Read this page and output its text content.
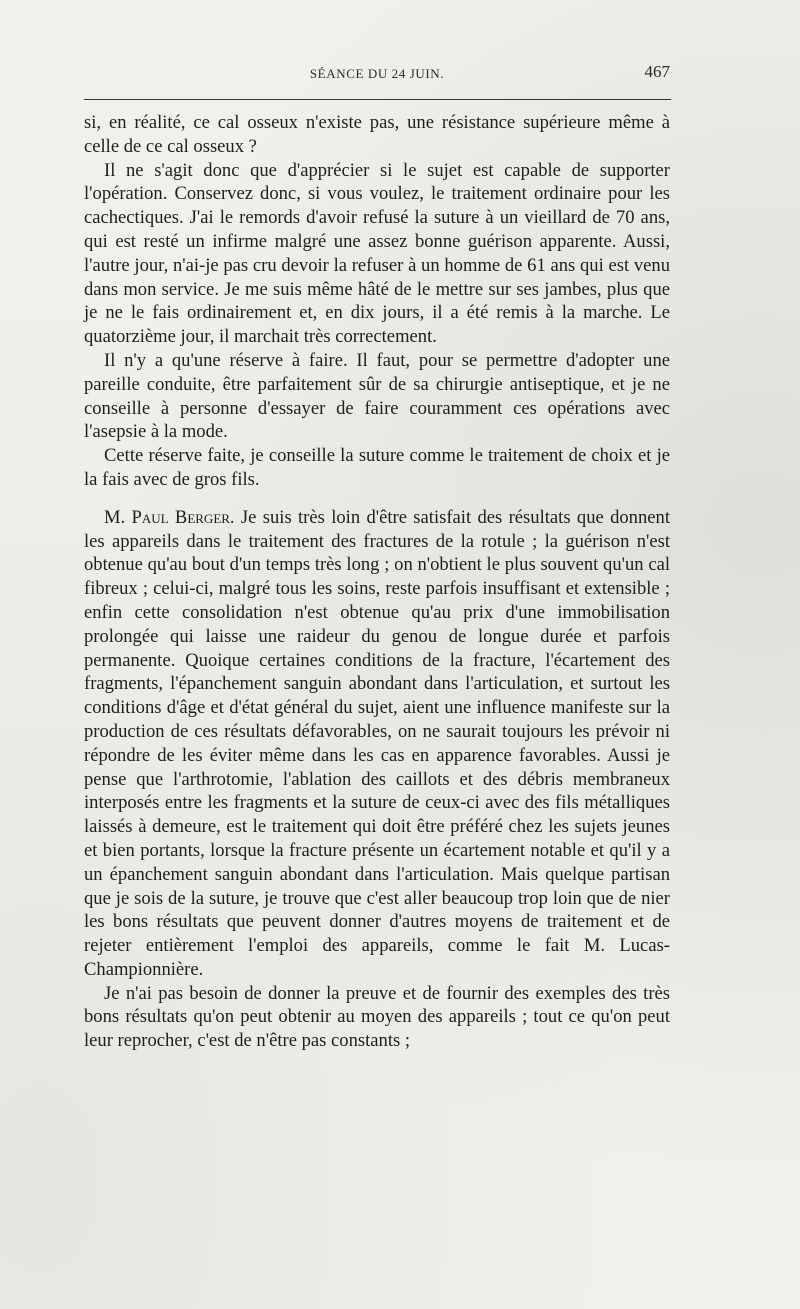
SÉANCE DU 24 JUIN.	467

si, en réalité, ce cal osseux n'existe pas, une résistance supérieure même à celle de ce cal osseux ?

Il ne s'agit donc que d'apprécier si le sujet est capable de supporter l'opération. Conservez donc, si vous voulez, le traitement ordinaire pour les cachectiques. J'ai le remords d'avoir refusé la suture à un vieillard de 70 ans, qui est resté un infirme malgré une assez bonne guérison apparente. Aussi, l'autre jour, n'ai-je pas cru devoir la refuser à un homme de 61 ans qui est venu dans mon service. Je me suis même hâté de le mettre sur ses jambes, plus que je ne le fais ordinairement et, en dix jours, il a été remis à la marche. Le quatorzième jour, il marchait très correctement.

Il n'y a qu'une réserve à faire. Il faut, pour se permettre d'adopter une pareille conduite, être parfaitement sûr de sa chirurgie antiseptique, et je ne conseille à personne d'essayer de faire couramment ces opérations avec l'asepsie à la mode.

Cette réserve faite, je conseille la suture comme le traitement de choix et je la fais avec de gros fils.

M. Paul Berger. Je suis très loin d'être satisfait des résultats que donnent les appareils dans le traitement des fractures de la rotule ; la guérison n'est obtenue qu'au bout d'un temps très long ; on n'obtient le plus souvent qu'un cal fibreux ; celui-ci, malgré tous les soins, reste parfois insuffisant et extensible ; enfin cette consolidation n'est obtenue qu'au prix d'une immobilisation prolongée qui laisse une raideur du genou de longue durée et parfois permanente. Quoique certaines conditions de la fracture, l'écartement des fragments, l'épanchement sanguin abondant dans l'articulation, et surtout les conditions d'âge et d'état général du sujet, aient une influence manifeste sur la production de ces résultats défavorables, on ne saurait toujours les prévoir ni répondre de les éviter même dans les cas en apparence favorables. Aussi je pense que l'arthrotomie, l'ablation des caillots et des débris membraneux interposés entre les fragments et la suture de ceux-ci avec des fils métalliques laissés à demeure, est le traitement qui doit être préféré chez les sujets jeunes et bien portants, lorsque la fracture présente un écartement notable et qu'il y a un épanchement sanguin abondant dans l'articulation. Mais quelque partisan que je sois de la suture, je trouve que c'est aller beaucoup trop loin que de nier les bons résultats que peuvent donner d'autres moyens de traitement et de rejeter entièrement l'emploi des appareils, comme le fait M. Lucas-Championnière.

Je n'ai pas besoin de donner la preuve et de fournir des exemples des très bons résultats qu'on peut obtenir au moyen des appareils ; tout ce qu'on peut leur reprocher, c'est de n'être pas constants ;
